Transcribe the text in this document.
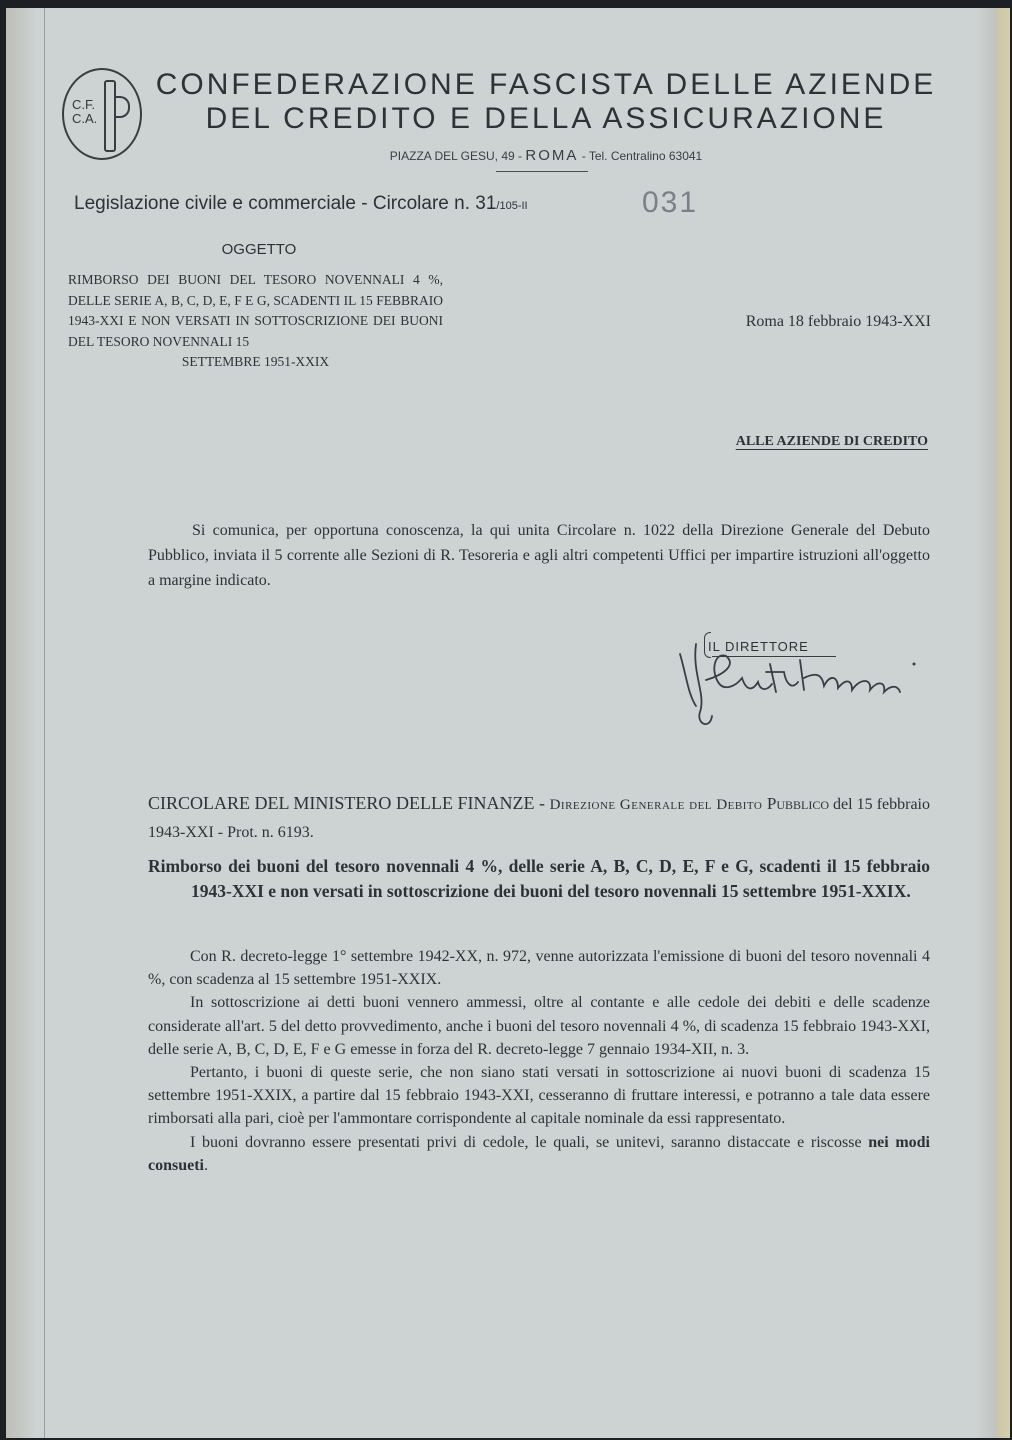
C.F.
C.A.
CONFEDERAZIONE FASCISTA DELLE AZIENDE
DEL CREDITO E DELLA ASSICURAZIONE
PIAZZA DEL GESU, 49 - ROMA - Tel. Centralino 63041
Legislazione civile e commerciale - Circolare n. 31/105-II	031
OGGETTO
RIMBORSO DEI BUONI DEL TESORO NOVENNALI 4 %, DELLE SERIE A, B, C, D, E, F E G, SCADENTI IL 15 FEBBRAIO 1943-XXI E NON VERSATI IN SOTTOSCRIZIONE DEI BUONI DEL TESORO NOVENNALI 15
SETTEMBRE 1951-XXIX
Roma 18 febbraio 1943-XXI
ALLE AZIENDE DI CREDITO
Si comunica, per opportuna conoscenza, la qui unita Circolare n. 1022 della Direzione Generale del Debuto Pubblico, inviata il 5 corrente alle Sezioni di R. Tesoreria e agli altri competenti Uffici per impartire istruzioni all'oggetto a margine indicato.
IL DIRETTORE
CIRCOLARE DEL MINISTERO DELLE FINANZE - Direzione Generale del Debito Pubblico del 15 febbraio 1943-XXI - Prot. n. 6193.
Rimborso dei buoni del tesoro novennali 4 %, delle serie A, B, C, D, E, F e G, scadenti il 15 febbraio 1943-XXI e non versati in sottoscrizione dei buoni del tesoro novennali 15 settembre 1951-XXIX.

Con R. decreto-legge 1° settembre 1942-XX, n. 972, venne autorizzata l'emissione di buoni del tesoro novennali 4 %, con scadenza al 15 settembre 1951-XXIX.

In sottoscrizione ai detti buoni vennero ammessi, oltre al contante e alle cedole dei debiti e delle scadenze considerate all'art. 5 del detto provvedimento, anche i buoni del tesoro novennali 4 %, di scadenza 15 febbraio 1943-XXI, delle serie A, B, C, D, E, F e G emesse in forza del R. decreto-legge 7 gennaio 1934-XII, n. 3.

Pertanto, i buoni di queste serie, che non siano stati versati in sottoscrizione ai nuovi buoni di scadenza 15 settembre 1951-XXIX, a partire dal 15 febbraio 1943-XXI, cesseranno di fruttare interessi, e potranno a tale data essere rimborsati alla pari, cioè per l'ammontare corrispondente al capitale nominale da essi rappresentato.

I buoni dovranno essere presentati privi di cedole, le quali, se unitevi, saranno distaccate e riscosse nei modi consueti.
